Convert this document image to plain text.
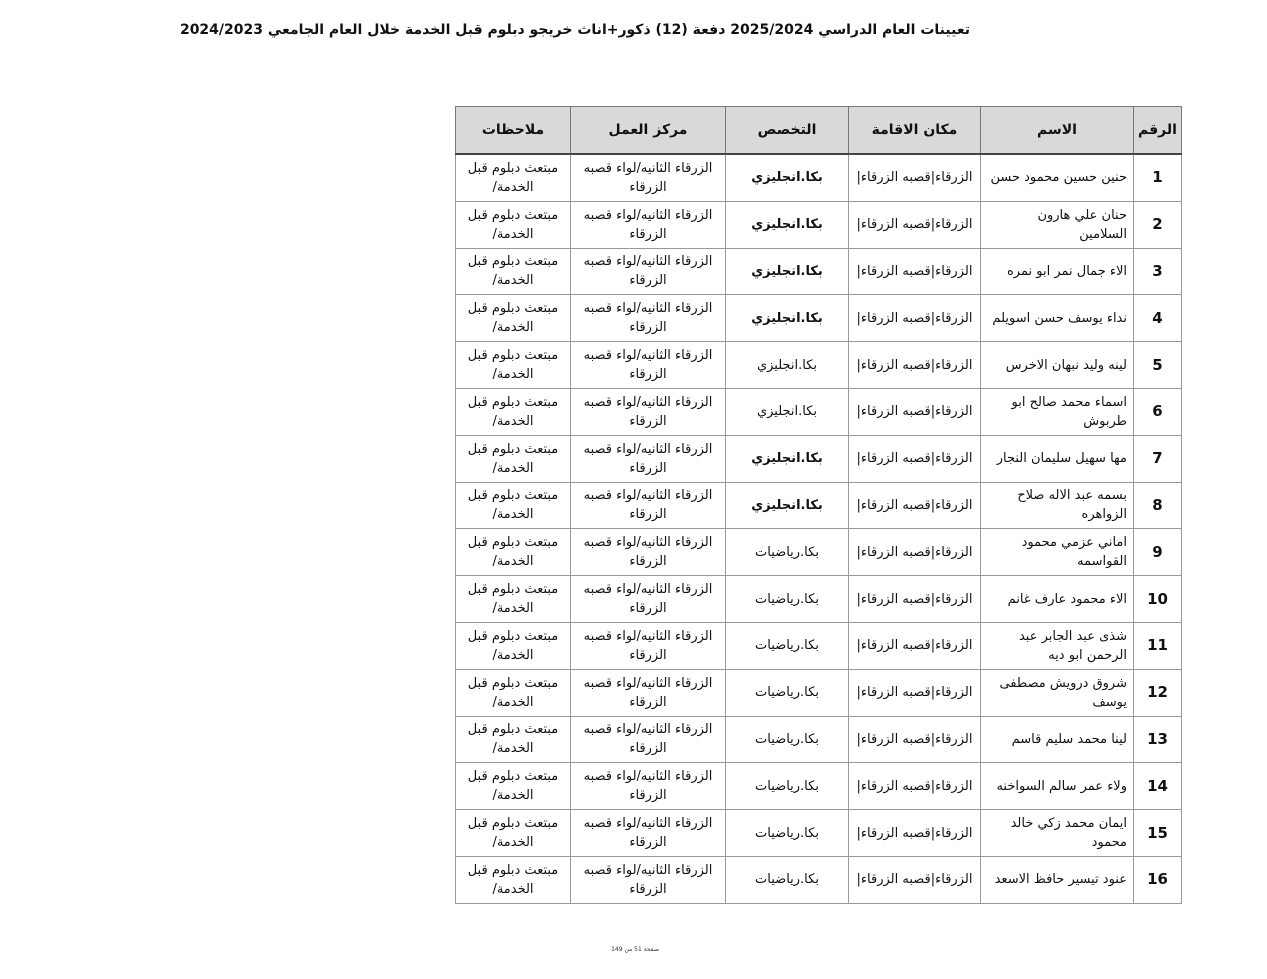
تعيينات العام الدراسي 2025/2024 دفعة (12) ذكور+اناث خريجو دبلوم قبل الخدمة خلال العام الجامعي 2024/2023
الرقم	الاسم	مكان الاقامة	التخصص	مركز العمل	ملاحظات
1	حنين حسين محمود حسن	الزرقاء|قصبه الزرقاء|	بكا.انجليزي	الزرقاء الثانيه/لواء قصبه الزرقاء	مبتعث دبلوم قبل الخدمة/
2	حنان علي هارون السلامين	الزرقاء|قصبه الزرقاء|	بكا.انجليزي	الزرقاء الثانيه/لواء قصبه الزرقاء	مبتعث دبلوم قبل الخدمة/
3	الاء جمال نمر ابو نمره	الزرقاء|قصبه الزرقاء|	بكا.انجليزي	الزرقاء الثانيه/لواء قصبه الزرقاء	مبتعث دبلوم قبل الخدمة/
4	نداء يوسف حسن اسويلم	الزرقاء|قصبه الزرقاء|	بكا.انجليزي	الزرقاء الثانيه/لواء قصبه الزرقاء	مبتعث دبلوم قبل الخدمة/
5	لينه وليد نبهان الاخرس	الزرقاء|قصبه الزرقاء|	بكا.انجليزي	الزرقاء الثانيه/لواء قصبه الزرقاء	مبتعث دبلوم قبل الخدمة/
6	اسماء محمد صالح ابو طربوش	الزرقاء|قصبه الزرقاء|	بكا.انجليزي	الزرقاء الثانيه/لواء قصبه الزرقاء	مبتعث دبلوم قبل الخدمة/
7	مها سهيل سليمان النجار	الزرقاء|قصبه الزرقاء|	بكا.انجليزي	الزرقاء الثانيه/لواء قصبه الزرقاء	مبتعث دبلوم قبل الخدمة/
8	بسمه عبد الاله صلاح الزواهره	الزرقاء|قصبه الزرقاء|	بكا.انجليزي	الزرقاء الثانيه/لواء قصبه الزرقاء	مبتعث دبلوم قبل الخدمة/
9	اماني عزمي محمود القواسمه	الزرقاء|قصبه الزرقاء|	بكا.رياضيات	الزرقاء الثانيه/لواء قصبه الزرقاء	مبتعث دبلوم قبل الخدمة/
10	الاء محمود عارف غانم	الزرقاء|قصبه الزرقاء|	بكا.رياضيات	الزرقاء الثانيه/لواء قصبه الزرقاء	مبتعث دبلوم قبل الخدمة/
11	شذى عبد الجابر عبد الرحمن ابو ديه	الزرقاء|قصبه الزرقاء|	بكا.رياضيات	الزرقاء الثانيه/لواء قصبه الزرقاء	مبتعث دبلوم قبل الخدمة/
12	شروق درويش مصطفى يوسف	الزرقاء|قصبه الزرقاء|	بكا.رياضيات	الزرقاء الثانيه/لواء قصبه الزرقاء	مبتعث دبلوم قبل الخدمة/
13	لينا محمد سليم قاسم	الزرقاء|قصبه الزرقاء|	بكا.رياضيات	الزرقاء الثانيه/لواء قصبه الزرقاء	مبتعث دبلوم قبل الخدمة/
14	ولاء عمر سالم السواخنه	الزرقاء|قصبه الزرقاء|	بكا.رياضيات	الزرقاء الثانيه/لواء قصبه الزرقاء	مبتعث دبلوم قبل الخدمة/
15	ايمان محمد زكي خالد محمود	الزرقاء|قصبه الزرقاء|	بكا.رياضيات	الزرقاء الثانيه/لواء قصبه الزرقاء	مبتعث دبلوم قبل الخدمة/
16	عنود تيسير حافظ الاسعد	الزرقاء|قصبه الزرقاء|	بكا.رياضيات	الزرقاء الثانيه/لواء قصبه الزرقاء	مبتعث دبلوم قبل الخدمة/
صفحة 51 من 149
